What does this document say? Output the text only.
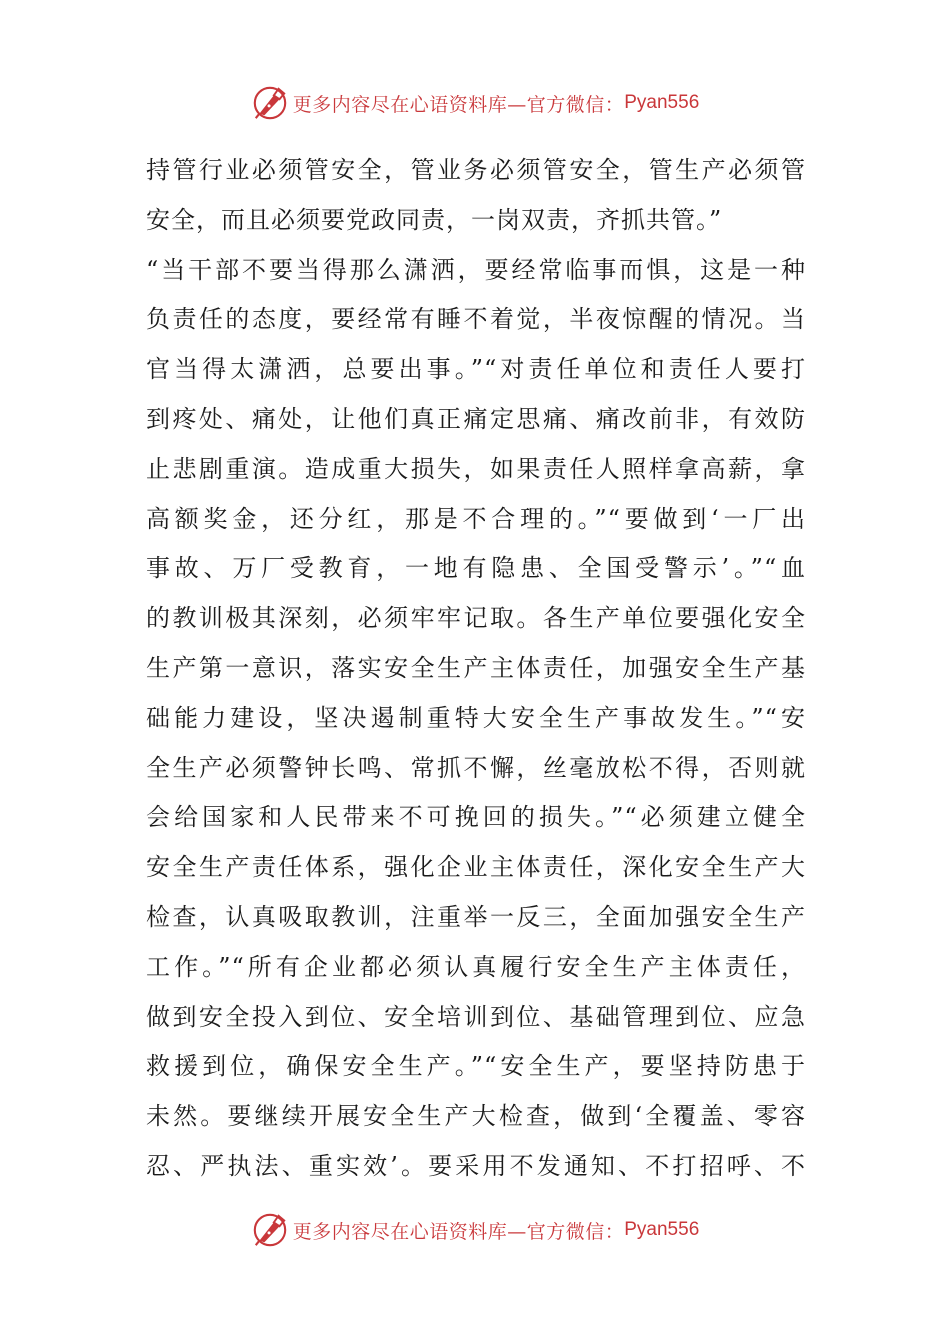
更多内容尽在心语资料库—官方微信： Pyan556
持管行业必须管安全，管业务必须管安全，管生产必须管
安全，而且必须要党政同责，一岗双责，齐抓共管。”
“当干部不要当得那么潇洒，要经常临事而惧，这是一种
负责任的态度，要经常有睡不着觉，半夜惊醒的情况。当
官当得太潇洒，总要出事。”“对责任单位和责任人要打
到疼处、痛处，让他们真正痛定思痛、痛改前非，有效防
止悲剧重演。造成重大损失，如果责任人照样拿高薪，拿
高额奖金，还分红，那是不合理的。”“要做到‘一厂出
事故、万厂受教育，一地有隐患、全国受警示’。”“血
的教训极其深刻，必须牢牢记取。各生产单位要强化安全
生产第一意识，落实安全生产主体责任，加强安全生产基
础能力建设，坚决遏制重特大安全生产事故发生。”“安
全生产必须警钟长鸣、常抓不懈，丝毫放松不得，否则就
会给国家和人民带来不可挽回的损失。”“必须建立健全
安全生产责任体系，强化企业主体责任，深化安全生产大
检查，认真吸取教训，注重举一反三，全面加强安全生产
工作。”“所有企业都必须认真履行安全生产主体责任，
做到安全投入到位、安全培训到位、基础管理到位、应急
救援到位，确保安全生产。”“安全生产，要坚持防患于
未然。要继续开展安全生产大检查，做到‘全覆盖、零容
忍、严执法、重实效’。要采用不发通知、不打招呼、不
更多内容尽在心语资料库—官方微信： Pyan556
